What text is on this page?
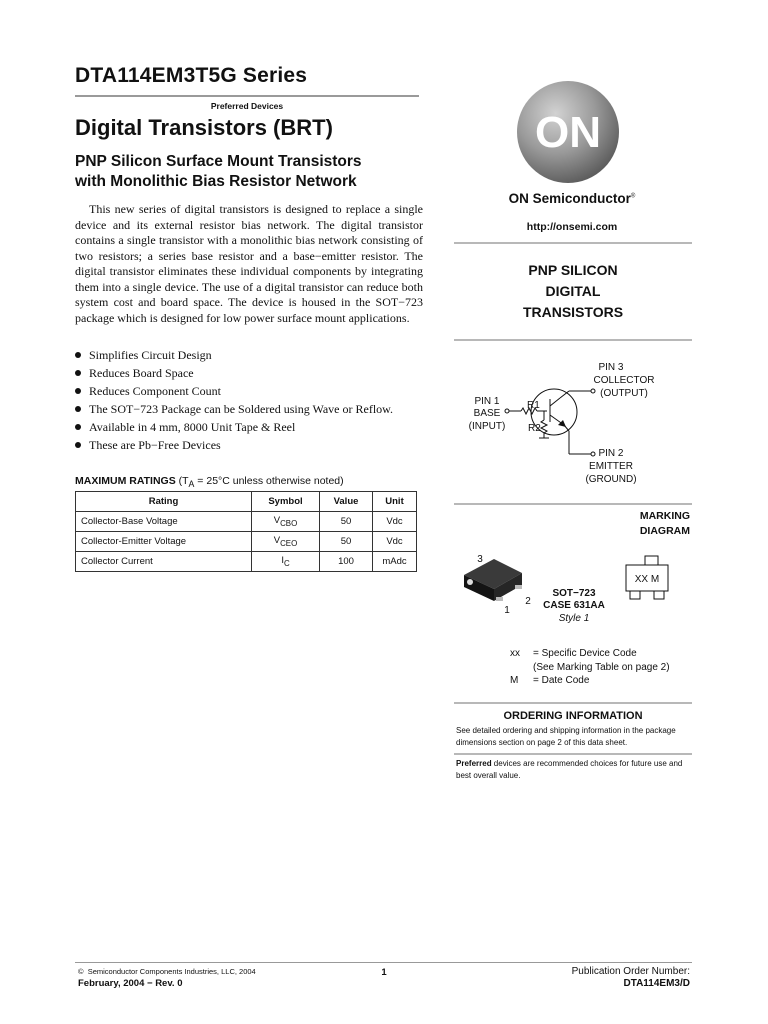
DTA114EM3T5G Series
Preferred Devices
Digital Transistors (BRT)
PNP Silicon Surface Mount Transistors
with Monolithic Bias Resistor Network
This new series of digital transistors is designed to replace a single device and its external resistor bias network. The digital transistor contains a single transistor with a monolithic bias network consisting of two resistors; a series base resistor and a base−emitter resistor. The digital transistor eliminates these individual components by integrating them into a single device. The use of a digital transistor can reduce both system cost and board space. The device is housed in the SOT−723 package which is designed for low power surface mount applications.
Simplifies Circuit Design
Reduces Board Space
Reduces Component Count
The SOT−723 Package can be Soldered using Wave or Reflow.
Available in 4 mm, 8000 Unit Tape & Reel
These are Pb−Free Devices
MAXIMUM RATINGS ($T_A = 25^\circ C$ unless otherwise noted)
Rating	Symbol	Value	Unit
Collector-Base Voltage	$V_{CBO}$	50	Vdc
Collector-Emitter Voltage	$V_{CEO}$	50	Vdc
Collector Current	$I_C$	100	mAdc
ON
ON Semiconductor®
http://onsemi.com
PNP SILICON
DIGITAL
TRANSISTORS
PIN 3
COLLECTOR
(OUTPUT)
PIN 1
BASE
(INPUT)
R1
R2
PIN 2
EMITTER
(GROUND)
MARKING
DIAGRAM
3
2
1
SOT−723
CASE 631AA
Style 1
XX M
xx = Specific Device Code
(See Marking Table on page 2)
M = Date Code
ORDERING INFORMATION
See detailed ordering and shipping information in the package dimensions section on page 2 of this data sheet.
Preferred devices are recommended choices for future use and best overall value.
© Semiconductor Components Industries, LLC, 2004
February, 2004 − Rev. 0
1	Publication Order Number:
DTA114EM3/D
